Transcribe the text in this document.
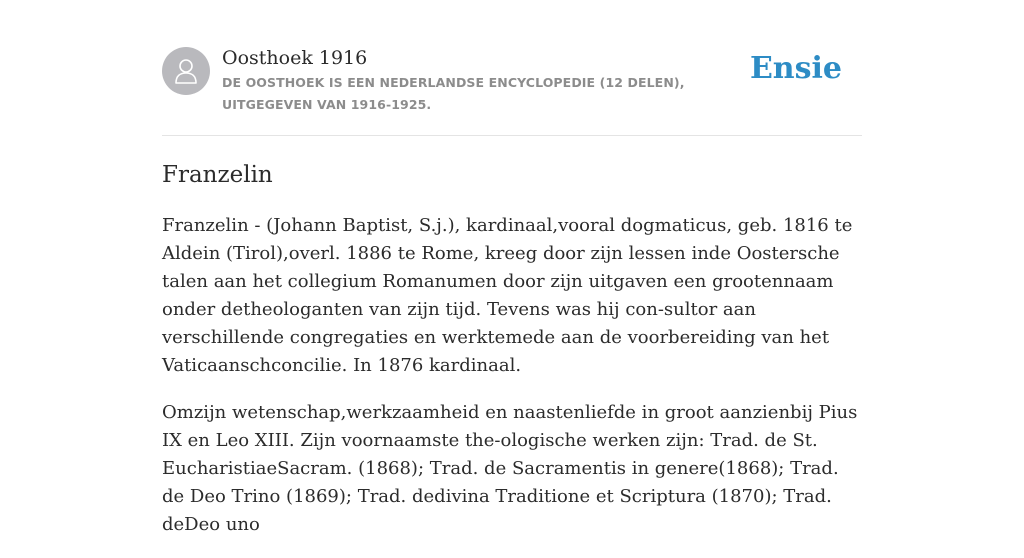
Oosthoek 1916
DE OOSTHOEK IS EEN NEDERLANDSE ENCYCLOPEDIE (12 DELEN), UITGEGEVEN VAN 1916-1925.
Ensie
Franzelin

Franzelin - (Johann Baptist, S.j.), kardinaal,vooral dogmaticus, geb. 1816 te Aldein (Tirol),overl. 1886 te Rome, kreeg door zijn lessen inde Oostersche talen aan het collegium Romanumen door zijn uitgaven een grootennaam onder detheologanten van zijn tijd. Tevens was hij con-sultor aan verschillende congregaties en werktemede aan de voorbereiding van het Vaticaanschconcilie. In 1876 kardinaal.

Omzijn wetenschap,werkzaamheid en naastenliefde in groot aanzienbij Pius IX en Leo XIII. Zijn voornaamste the-ologische werken zijn: Trad. de St. EucharistiaeSacram. (1868); Trad. de Sacramentis in genere(1868); Trad. de Deo Trino (1869); Trad. dedivina Traditione et Scriptura (1870); Trad. deDeo uno
